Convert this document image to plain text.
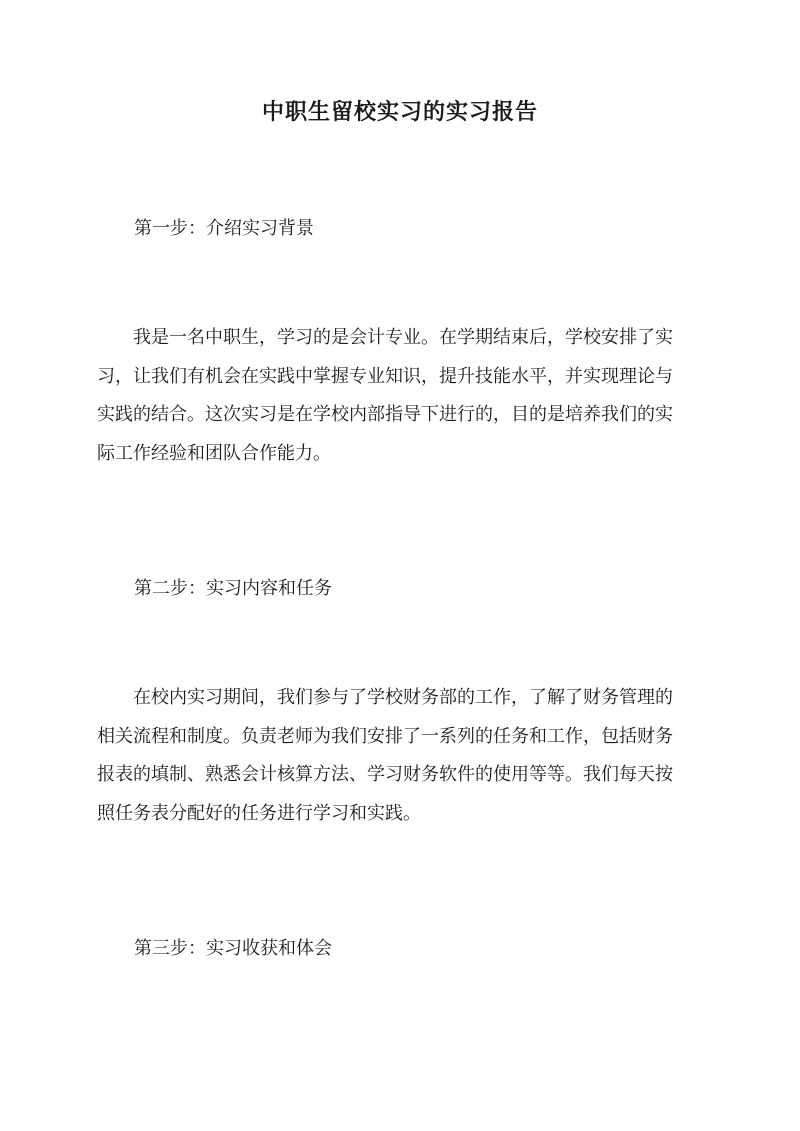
中职生留校实习的实习报告
第一步：介绍实习背景

我是一名中职生，学习的是会计专业。在学期结束后，学校安排了实
习，让我们有机会在实践中掌握专业知识，提升技能水平，并实现理论与
实践的结合。这次实习是在学校内部指导下进行的，目的是培养我们的实
际工作经验和团队合作能力。

第二步：实习内容和任务

在校内实习期间，我们参与了学校财务部的工作，了解了财务管理的
相关流程和制度。负责老师为我们安排了一系列的任务和工作，包括财务
报表的填制、熟悉会计核算方法、学习财务软件的使用等等。我们每天按
照任务表分配好的任务进行学习和实践。

第三步：实习收获和体会
